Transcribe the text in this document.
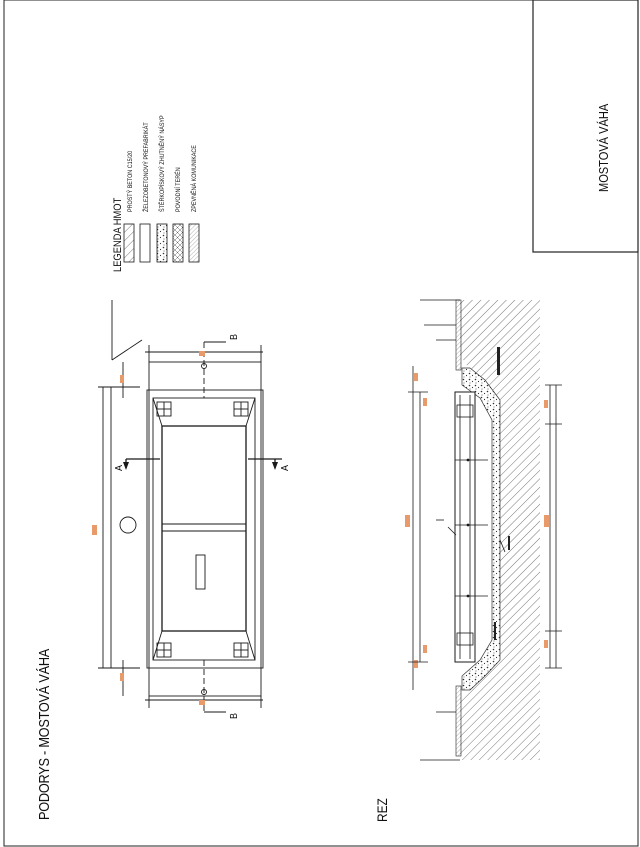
PODORYS - MOSTOVÁ VÁHA	REZ
MOSTOVÁ VÁHA
LEGENDA HMOT
PROSTÝ BETON C15/20 ŽELEZOBETONOVÝ PREFABRIKÁT ŠTĚRKOPÍSKOVÝ ZHUTNĚNÝ NÁSYP POVODNÍ TERÉN ZPEVNĚNÁ KOMUNIKACE
A	A
B
B
